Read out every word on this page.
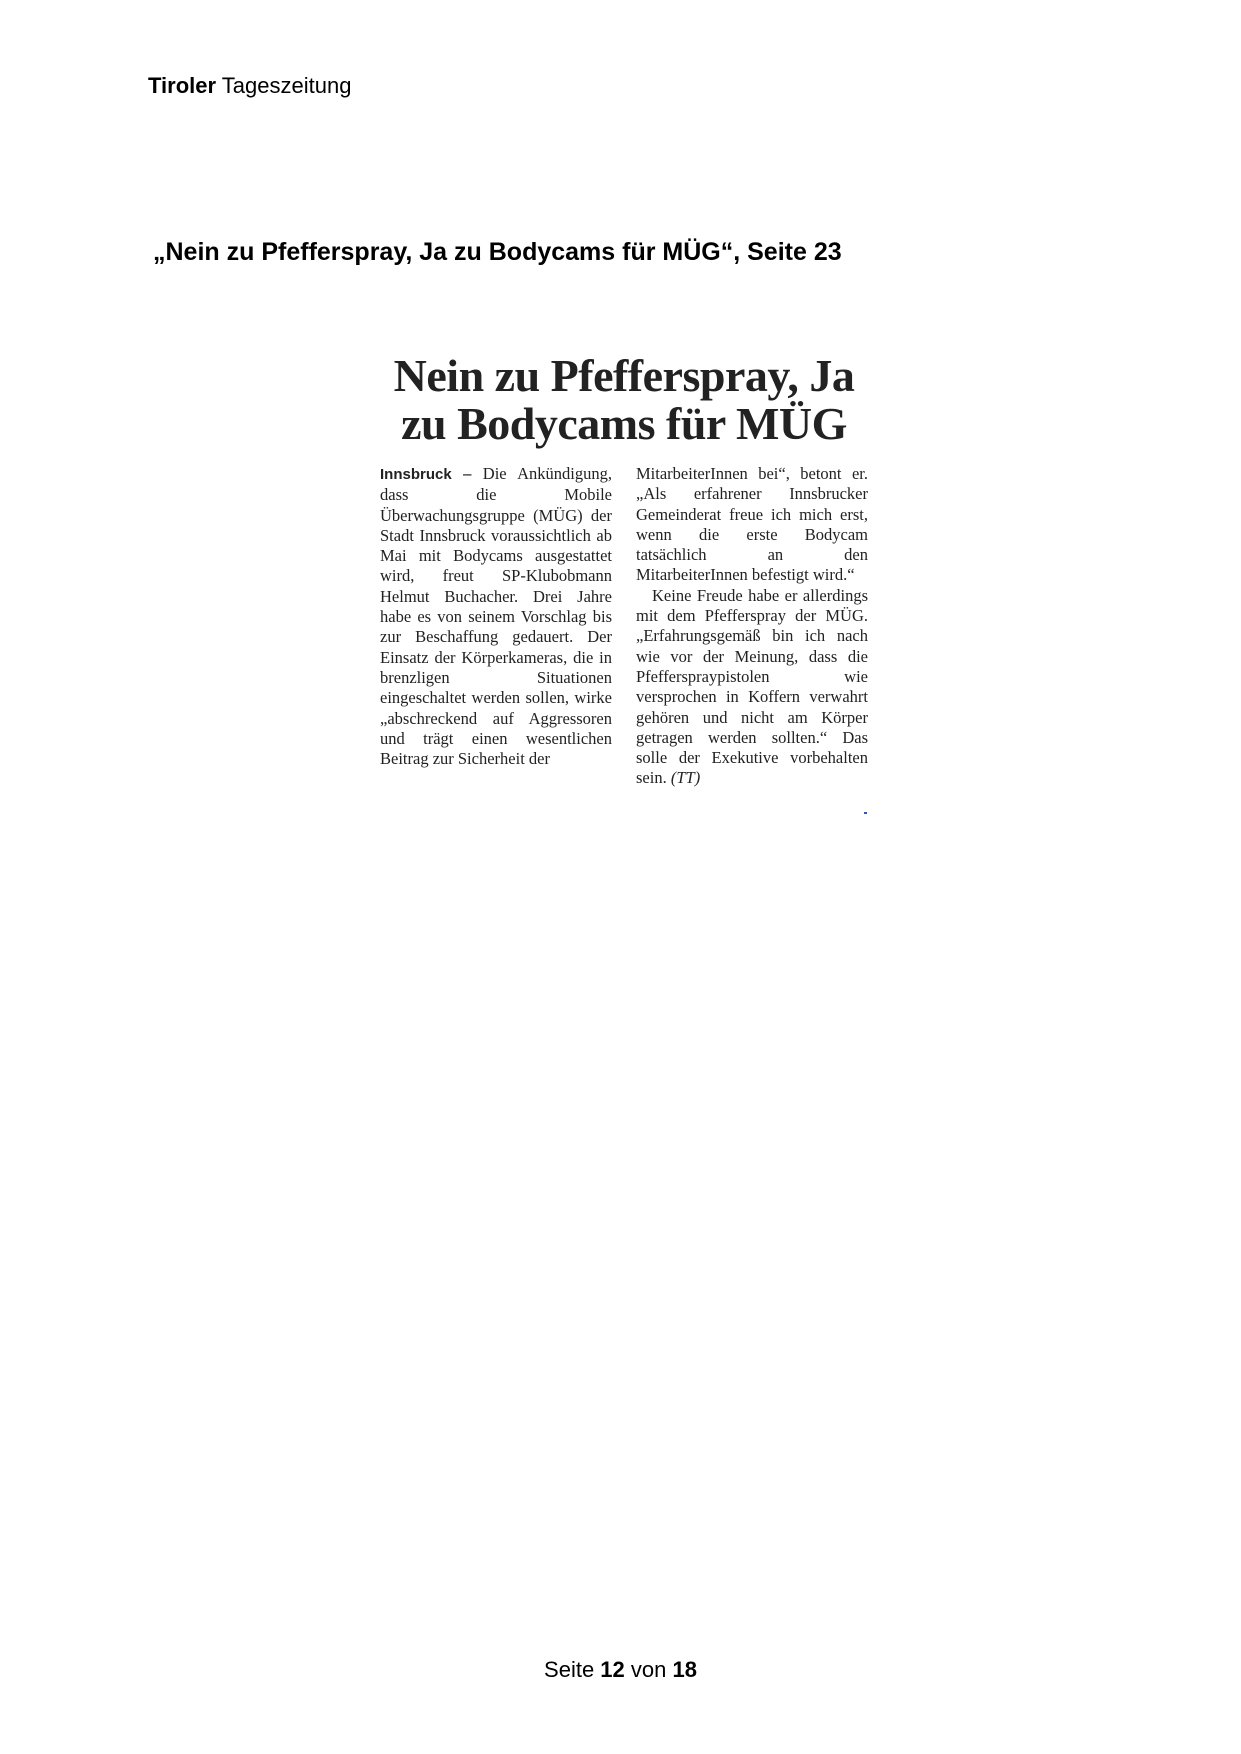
Tiroler Tageszeitung
„Nein zu Pfefferspray, Ja zu Bodycams für MÜG“, Seite 23
Nein zu Pfefferspray, Ja
zu Bodycams für MÜG

Innsbruck – Die Ankündigung, dass die Mobile Überwachungsgruppe (MÜG) der Stadt Innsbruck voraussichtlich ab Mai mit Bodycams ausgestattet wird, freut SP-Klubobmann Helmut Buchacher. Drei Jahre habe es von seinem Vorschlag bis zur Beschaffung gedauert. Der Einsatz der Körperkameras, die in brenzligen Situationen eingeschaltet werden sollen, wirke „abschreckend auf Aggressoren und trägt einen wesentlichen Beitrag zur Sicherheit der

MitarbeiterInnen bei“, betont er. „Als erfahrener Innsbrucker Gemeinderat freue ich mich erst, wenn die erste Bodycam tatsächlich an den MitarbeiterInnen befestigt wird.“

Keine Freude habe er allerdings mit dem Pfefferspray der MÜG. „Erfahrungsgemäß bin ich nach wie vor der Meinung, dass die Pfefferspraypistolen wie versprochen in Koffern verwahrt gehören und nicht am Körper getragen werden sollten.“ Das solle der Exekutive vorbehalten sein. (TT)

Seite 12 von 18
